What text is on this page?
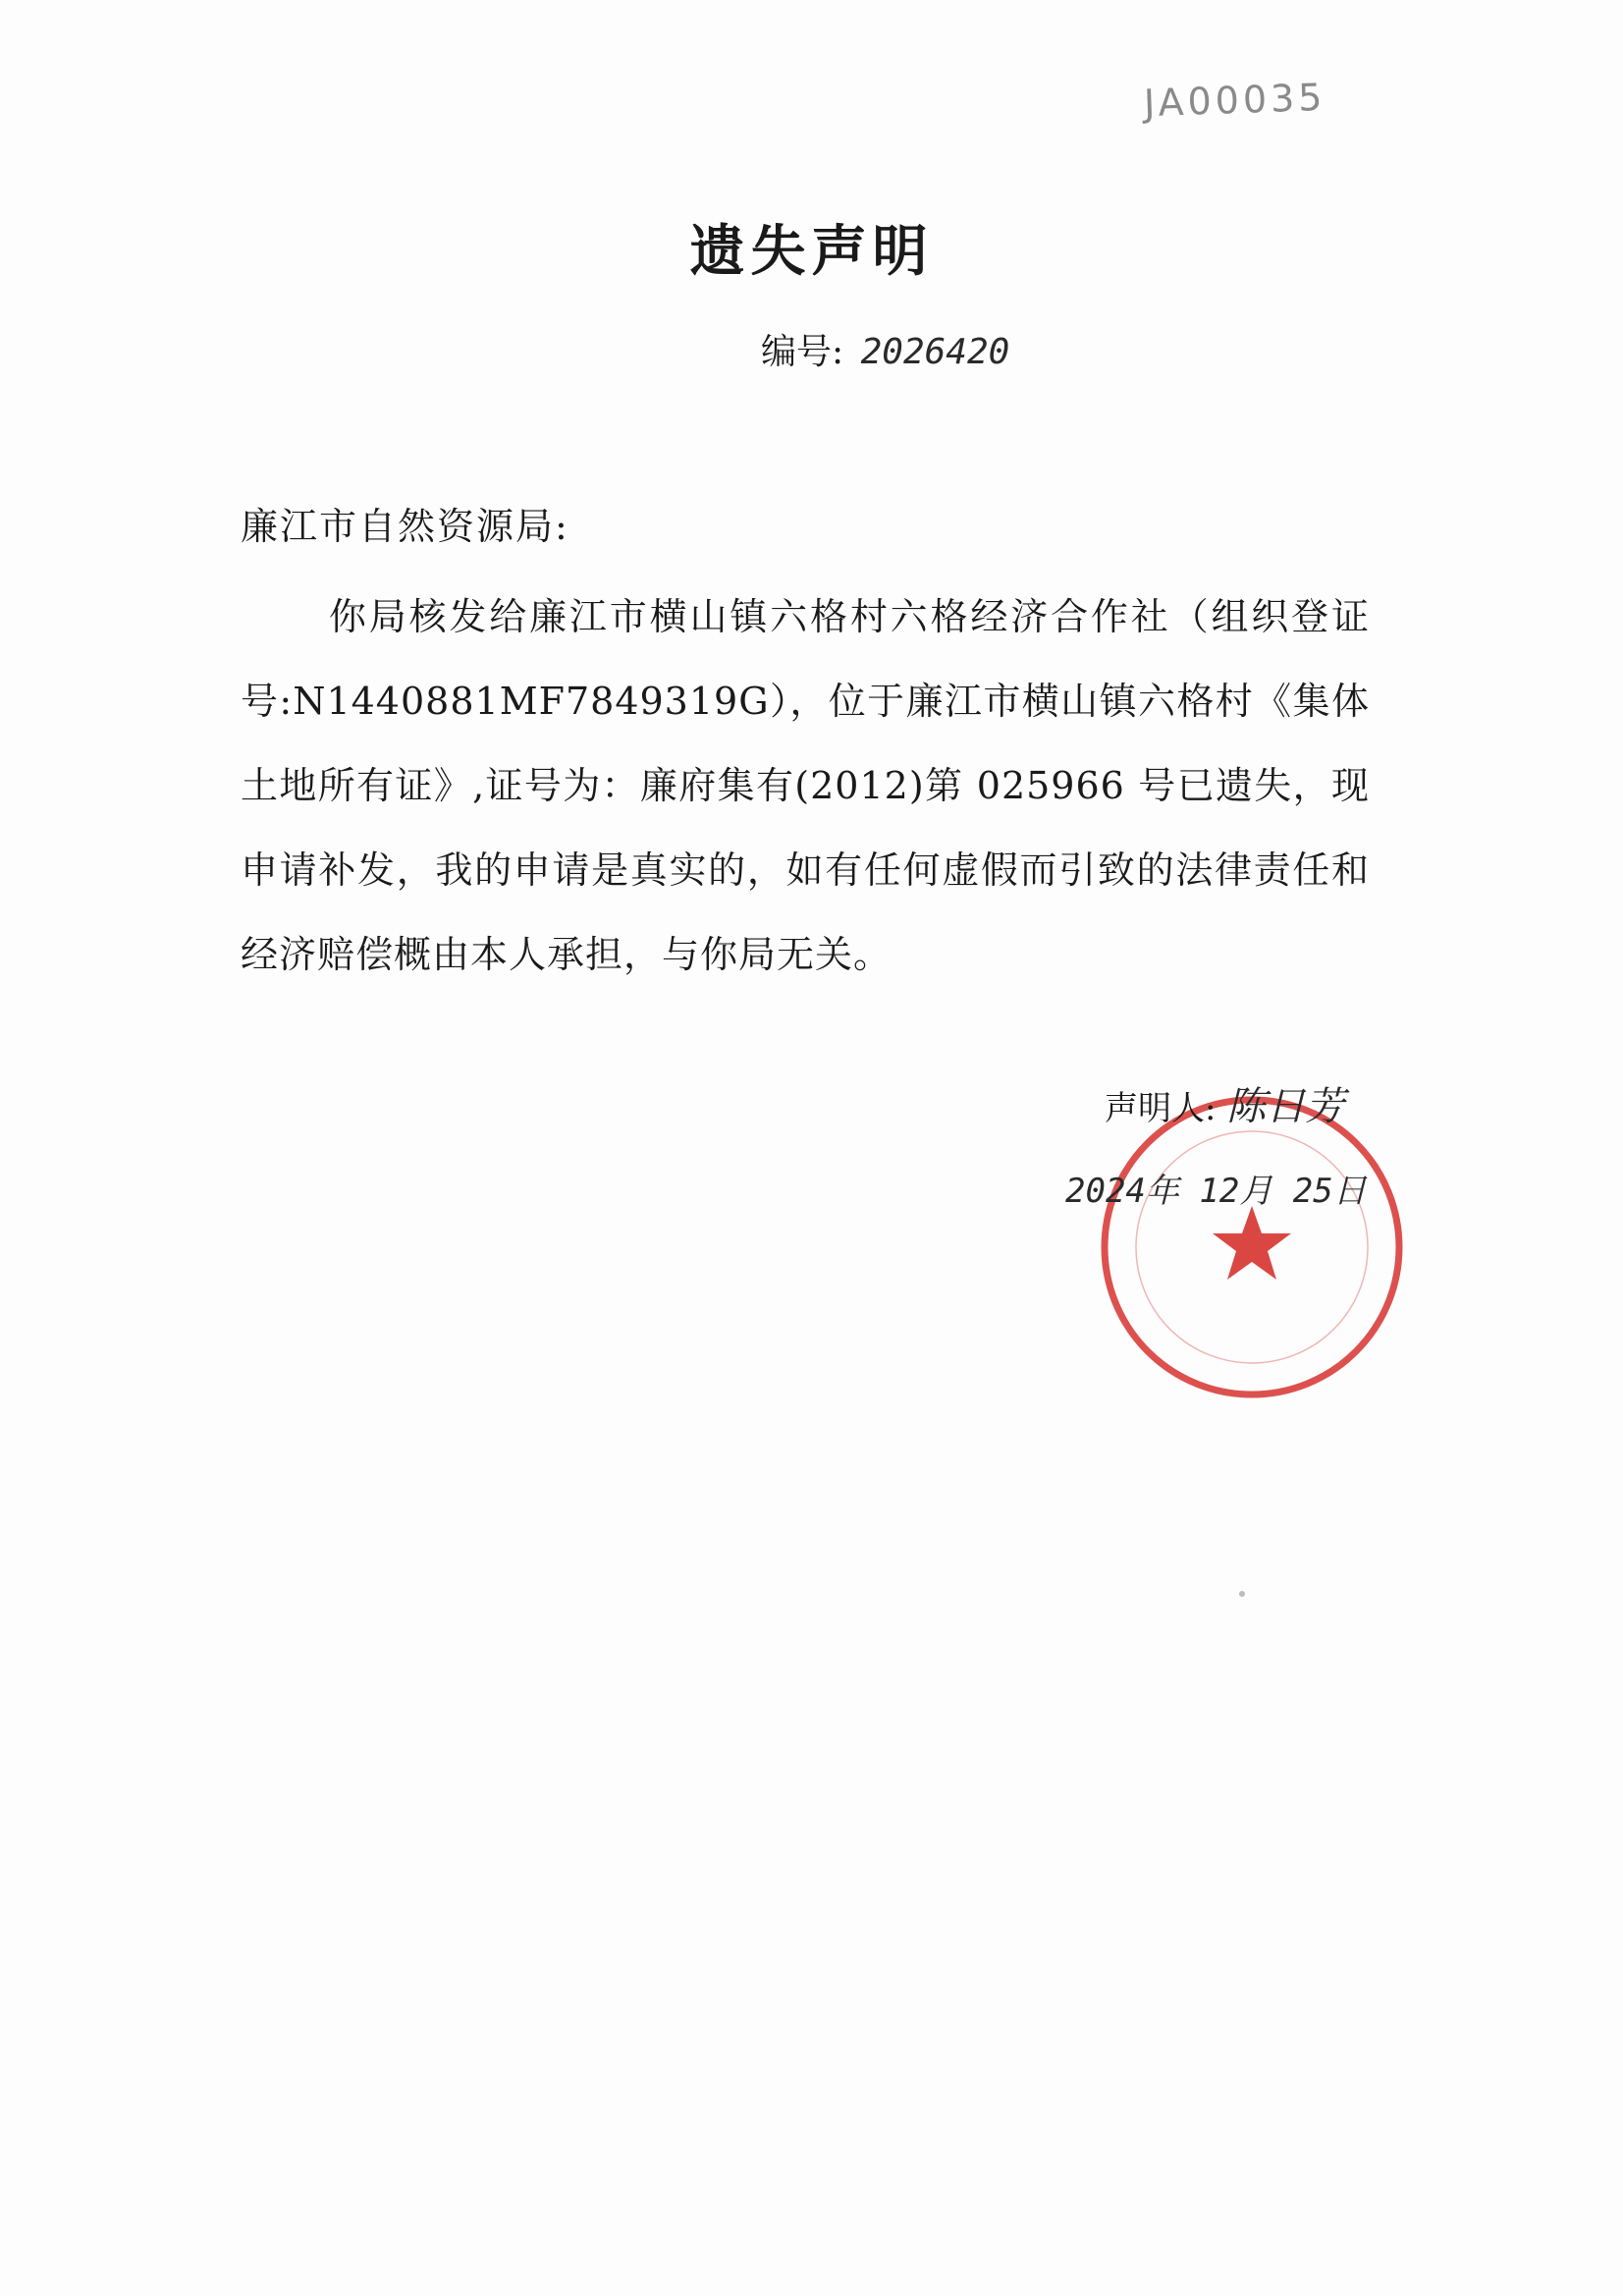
JA00035
遗失声明
编号: 2026420
廉江市自然资源局:
你局核发给廉江市横山镇六格村六格经济合作社（组织登证号:N1440881MF7849319G），位于廉江市横山镇六格村《集体土地所有证》,证号为：廉府集有(2012)第 025966 号已遗失，现申请补发，我的申请是真实的，如有任何虚假而引致的法律责任和经济赔偿概由本人承担，与你局无关。
声明人: 陈日芳
2024年 12月 25日
